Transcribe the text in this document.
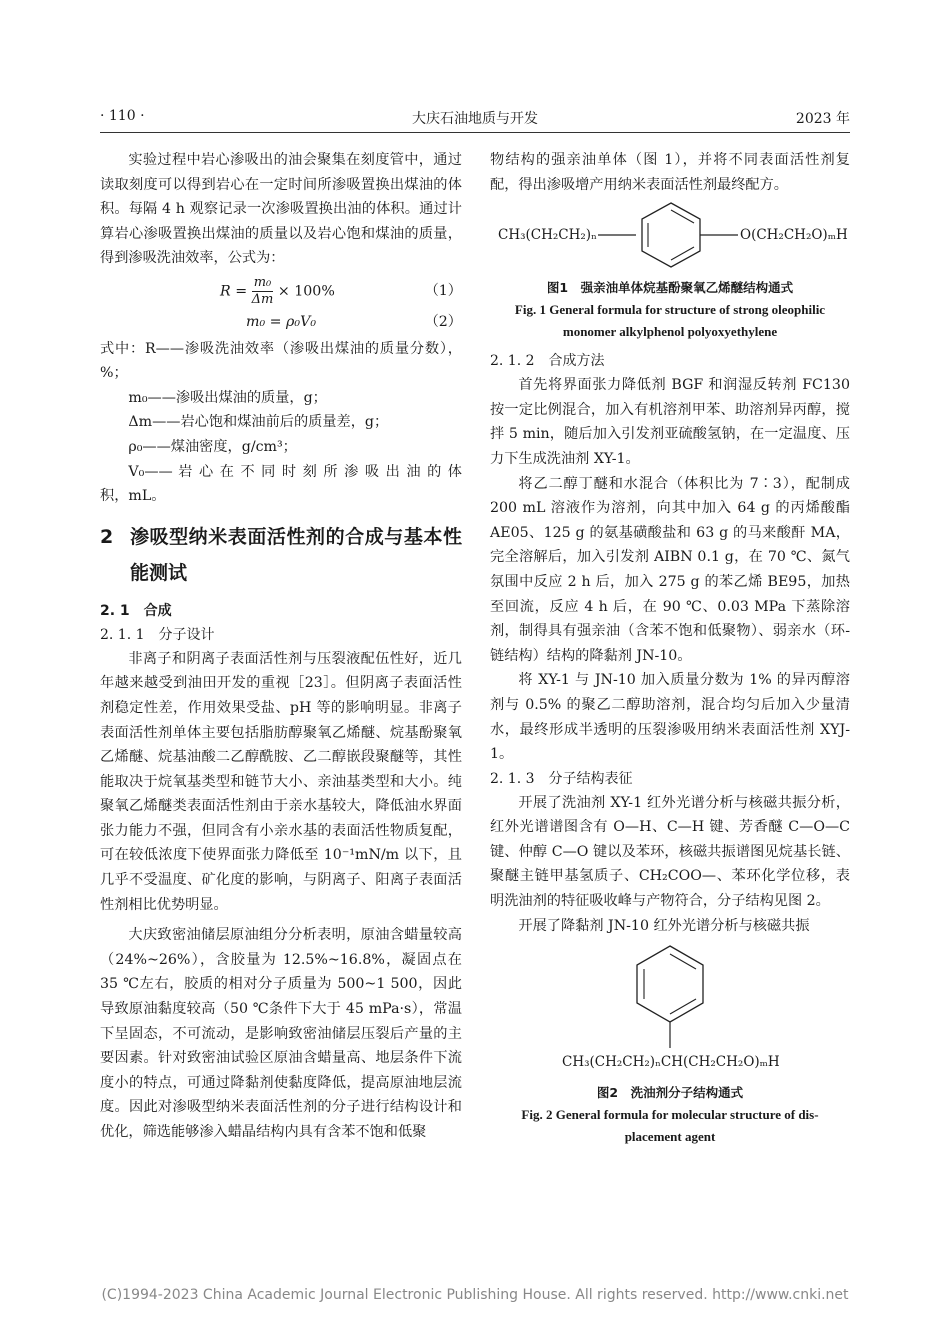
· 110 ·	大庆石油地质与开发	2023 年

实验过程中岩心渗吸出的油会聚集在刻度管中，通过读取刻度可以得到岩心在一定时间所渗吸置换出煤油的体积。每隔 4 h 观察记录一次渗吸置换出油的体积。通过计算岩心渗吸置换出煤油的质量以及岩心饱和煤油的质量，得到渗吸洗油效率，公式为：

$R = \frac{\text{m₀}}{\Delta m} \times 100\%$	（1）
m₀ = ρ₀V₀	（2）

式中：R——渗吸洗油效率（渗吸出煤油的质量分数），%；

m₀——渗吸出煤油的质量，g；

Δm——岩心饱和煤油前后的质量差，g；

ρ₀——煤油密度，g/cm³；

V₀—— 岩 心 在 不 同 时 刻 所 渗 吸 出 油 的 体 积，mL。

2 渗吸型纳米表面活性剂的合成与基本性能测试

2. 1　合成

2. 1. 1　分子设计

非离子和阴离子表面活性剂与压裂液配伍性好，近几年越来越受到油田开发的重视［23］。但阴离子表面活性剂稳定性差，作用效果受盐、pH 等的影响明显。非离子表面活性剂单体主要包括脂肪醇聚氧乙烯醚、烷基酚聚氧乙烯醚、烷基油酸二乙醇酰胺、乙二醇嵌段聚醚等，其性能取决于烷氧基类型和链节大小、亲油基类型和大小。纯聚氧乙烯醚类表面活性剂由于亲水基较大，降低油水界面张力能力不强，但同含有小亲水基的表面活性物质复配，可在较低浓度下使界面张力降低至 10⁻¹mN/m 以下，且几乎不受温度、矿化度的影响，与阴离子、阳离子表面活性剂相比优势明显。

大庆致密油储层原油组分分析表明，原油含蜡量较高（24%~26%），含胶量为 12.5%~16.8%，凝固点在 35 ℃左右，胶质的相对分子质量为 500~1 500，因此导致原油黏度较高（50 ℃条件下大于 45 mPa·s），常温下呈固态，不可流动，是影响致密油储层压裂后产量的主要因素。针对致密油试验区原油含蜡量高、地层条件下流度小的特点，可通过降黏剂使黏度降低，提高原油地层流度。因此对渗吸型纳米表面活性剂的分子进行结构设计和优化，筛选能够渗入蜡晶结构内具有含苯不饱和低聚

物结构的强亲油单体（图 1），并将不同表面活性剂复配，得出渗吸增产用纳米表面活性剂最终配方。

CH₃(CH₂CH₂)ₙ	O(CH₂CH₂O)ₘH
图1　强亲油单体烷基酚聚氧乙烯醚结构通式
Fig. 1 General formula for structure of strong oleophilic
monomer alkylphenol polyoxyethylene

2. 1. 2　合成方法

首先将界面张力降低剂 BGF 和润湿反转剂 FC130 按一定比例混合，加入有机溶剂甲苯、助溶剂异丙醇，搅拌 5 min，随后加入引发剂亚硫酸氢钠，在一定温度、压力下生成洗油剂 XY-1。

将乙二醇丁醚和水混合（体积比为 7∶3），配制成 200 mL 溶液作为溶剂，向其中加入 64 g 的丙烯酸酯 AE05、125 g 的氨基磺酸盐和 63 g 的马来酸酐 MA，完全溶解后，加入引发剂 AIBN 0.1 g，在 70 ℃、氮气氛围中反应 2 h 后，加入 275 g 的苯乙烯 BE95，加热至回流，反应 4 h 后，在 90 ℃、0.03 MPa 下蒸除溶剂，制得具有强亲油（含苯不饱和低聚物）、弱亲水（环-链结构）结构的降黏剂 JN-10。

将 XY-1 与 JN-10 加入质量分数为 1% 的异丙醇溶剂与 0.5% 的聚乙二醇助溶剂，混合均匀后加入少量清水，最终形成半透明的压裂渗吸用纳米表面活性剂 XYJ-1。

2. 1. 3　分子结构表征

开展了洗油剂 XY-1 红外光谱分析与核磁共振分析，红外光谱谱图含有 O—H、C—H 键、芳香醚 C—O—C 键、仲醇 C—O 键以及苯环，核磁共振谱图见烷基长链、聚醚主链甲基氢质子、CH₂COO—、苯环化学位移，表明洗油剂的特征吸收峰与产物符合，分子结构见图 2。

开展了降黏剂 JN-10 红外光谱分析与核磁共振

CH₃(CH₂CH₂)ₙCH(CH₂CH₂O)ₘH
图2　洗油剂分子结构通式
Fig. 2 General formula for molecular structure of dis-
placement agent
(C)1994-2023 China Academic Journal Electronic Publishing House. All rights reserved. http://www.cnki.net
